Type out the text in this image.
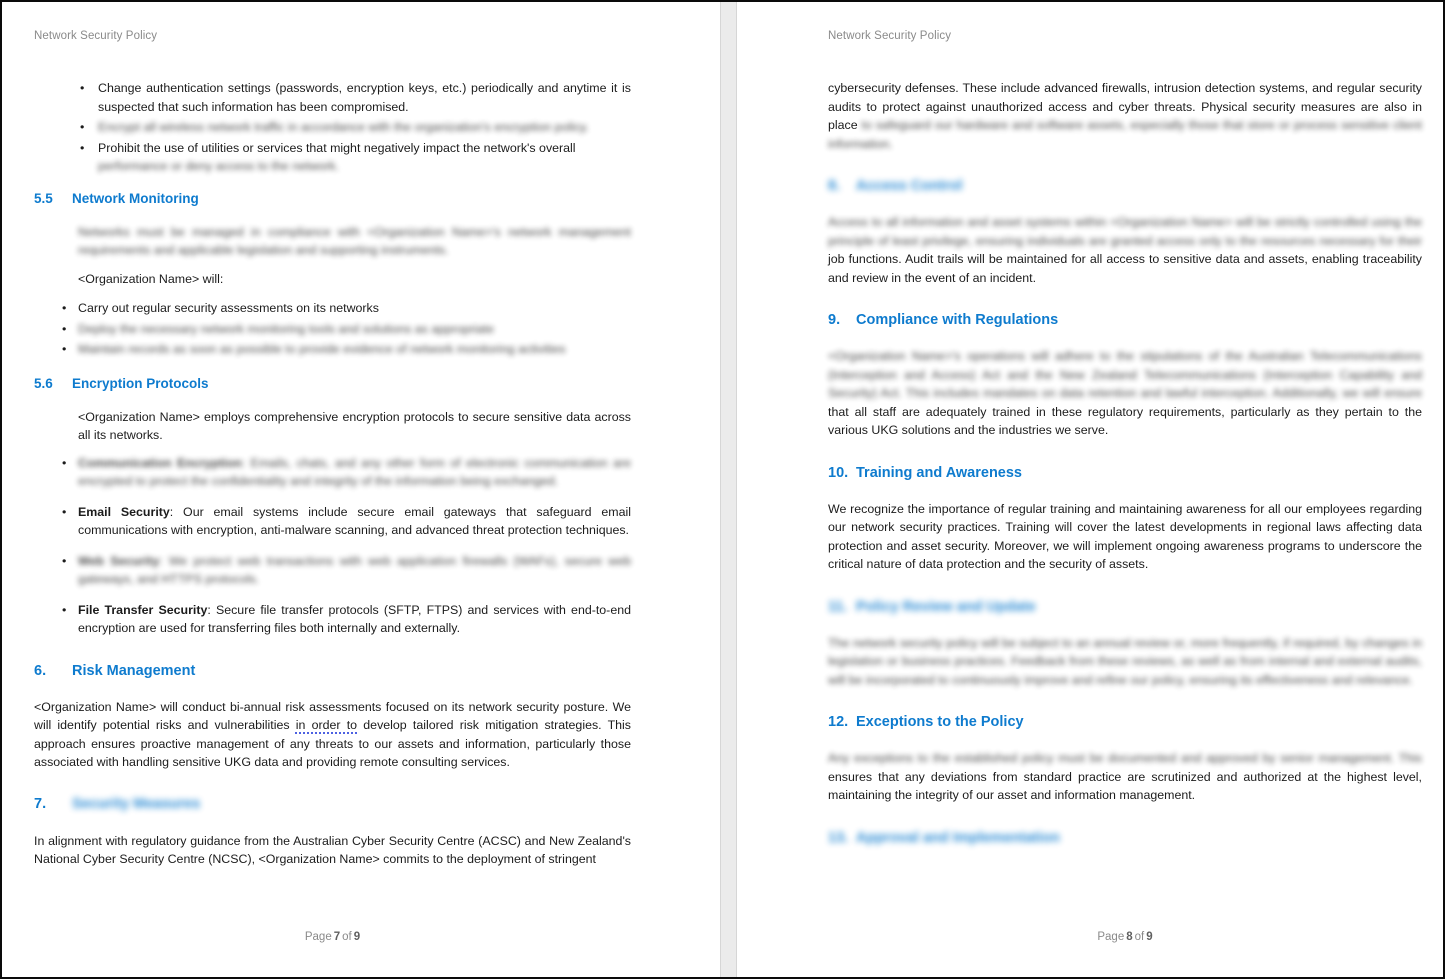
Network Security Policy
• Change authentication settings (passwords, encryption keys, etc.) periodically and anytime it is suspected that such information has been compromised.
• Encrypt all wireless network traffic in accordance with the organization's encryption policy.
• Prohibit the use of utilities or services that might negatively impact the network's overall
performance or deny access to the network.
5.5 Network Monitoring
Networks must be managed in compliance with <Organization Name>'s network management requirements and applicable legislation and supporting instruments.
<Organization Name> will:
• Carry out regular security assessments on its networks
• Deploy the necessary network monitoring tools and solutions as appropriate
• Maintain records as soon as possible to provide evidence of network monitoring activities
5.6 Encryption Protocols
<Organization Name> employs comprehensive encryption protocols to secure sensitive data across all its networks.
• Communication Encryption: Emails, chats, and any other form of electronic communication are encrypted to protect the confidentiality and integrity of the information being exchanged.
• Email Security: Our email systems include secure email gateways that safeguard email communications with encryption, anti-malware scanning, and advanced threat protection techniques.
• Web Security: We protect web transactions with web application firewalls (WAFs), secure web gateways, and HTTPS protocols.
• File Transfer Security: Secure file transfer protocols (SFTP, FTPS) and services with end-to-end encryption are used for transferring files both internally and externally.
6. Risk Management
<Organization Name> will conduct bi-annual risk assessments focused on its network security posture. We will identify potential risks and vulnerabilities in order to develop tailored risk mitigation strategies. This approach ensures proactive management of any threats to our assets and information, particularly those associated with handling sensitive UKG data and providing remote consulting services.
7. Security Measures
In alignment with regulatory guidance from the Australian Cyber Security Centre (ACSC) and New Zealand's National Cyber Security Centre (NCSC), <Organization Name> commits to the deployment of stringent
Page 7 of 9
Network Security Policy
cybersecurity defenses. These include advanced firewalls, intrusion detection systems, and regular security audits to protect against unauthorized access and cyber threats. Physical security measures are also in place to safeguard our hardware and software assets, especially those that store or process sensitive client information.
8. Access Control
Access to all information and asset systems within <Organization Name> will be strictly controlled using the principle of least privilege, ensuring individuals are granted access only to the resources necessary for their job functions. Audit trails will be maintained for all access to sensitive data and assets, enabling traceability and review in the event of an incident.
9. Compliance with Regulations
<Organization Name>'s operations will adhere to the stipulations of the Australian Telecommunications (Interception and Access) Act and the New Zealand Telecommunications (Interception Capability and Security) Act. This includes mandates on data retention and lawful interception. Additionally, we will ensure that all staff are adequately trained in these regulatory requirements, particularly as they pertain to the various UKG solutions and the industries we serve.
10. Training and Awareness
We recognize the importance of regular training and maintaining awareness for all our employees regarding our network security practices. Training will cover the latest developments in regional laws affecting data protection and asset security. Moreover, we will implement ongoing awareness programs to underscore the critical nature of data protection and the security of assets.
11. Policy Review and Update
The network security policy will be subject to an annual review or, more frequently, if required, by changes in legislation or business practices. Feedback from these reviews, as well as from internal and external audits, will be incorporated to continuously improve and refine our policy, ensuring its effectiveness and relevance.
12. Exceptions to the Policy
Any exceptions to the established policy must be documented and approved by senior management. This ensures that any deviations from standard practice are scrutinized and authorized at the highest level, maintaining the integrity of our asset and information management.
13. Approval and Implementation
Page 8 of 9
